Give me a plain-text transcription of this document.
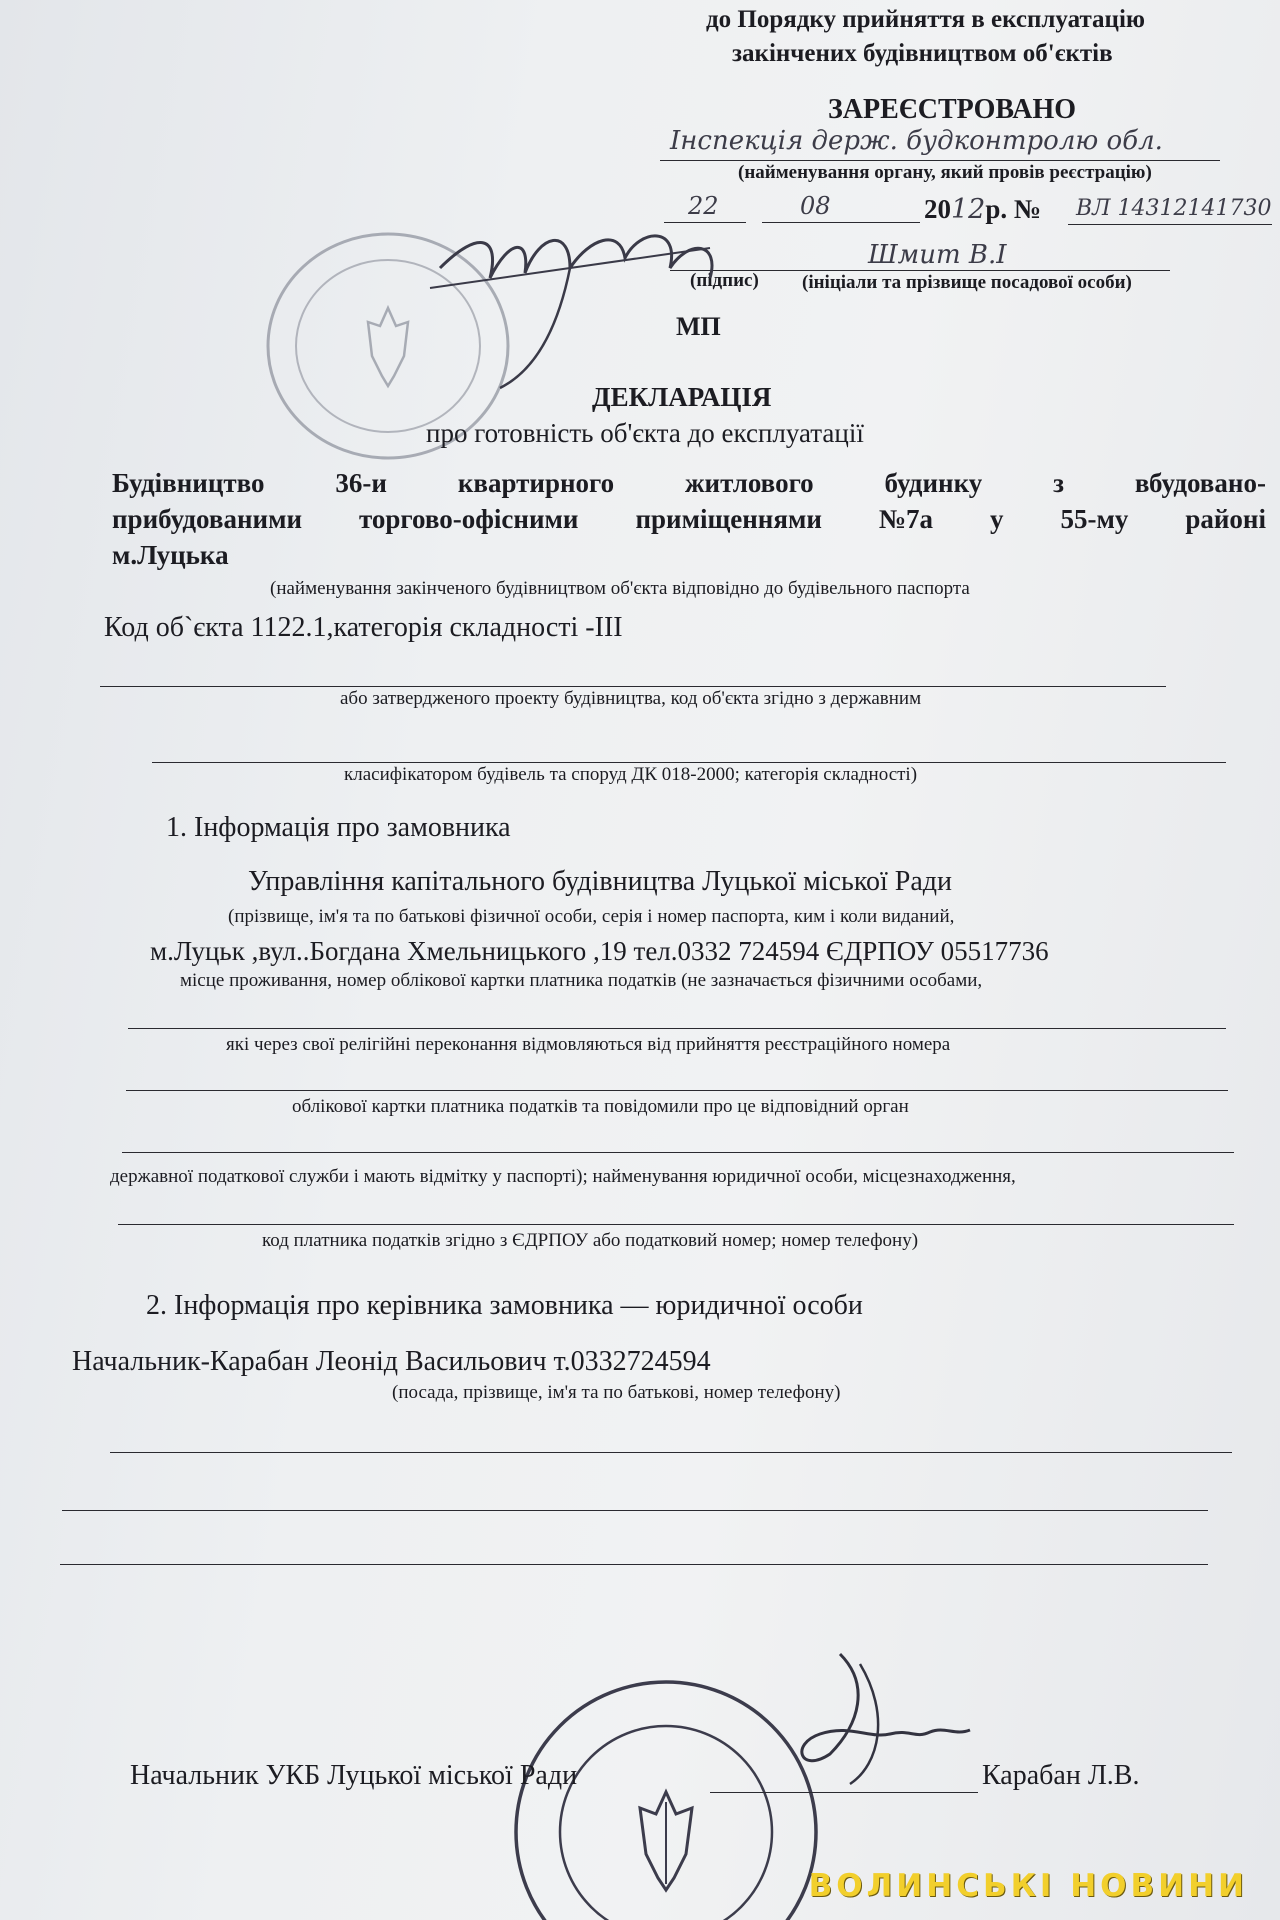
до Порядку прийняття в експлуатацію
закінчених будівництвом об'єктів
ЗАРЕЄСТРОВАНО
Інспекція держ. будконтролю обл.
(найменування органу, який провів реєстрацію)
22	08	2012р. № ВЛ 14312141730
Шмит В.І
(підпис) (ініціали та прізвище посадової особи)
МП
ДЕКЛАРАЦІЯ
про готовність об'єкта до експлуатації
Будівництво	36-и	квартирного	житлового	будинку	з	вбудовано-
прибудованими торгово-офісними приміщеннями №7а у 55-му районі
м.Луцька
(найменування закінченого будівництвом об'єкта відповідно до будівельного паспорта
Код об`єкта 1122.1,категорія складності -ІІІ
або затвердженого проекту будівництва, код об'єкта згідно з державним
класифікатором будівель та споруд ДК 018-2000; категорія складності)
1. Інформація про замовника
Управління капітального будівництва Луцької міської Ради
(прізвище, ім'я та по батькові фізичної особи, серія і номер паспорта, ким і коли виданий,
м.Луцьк ,вул..Богдана Хмельницького ,19 тел.0332 724594 ЄДРПОУ 05517736
місце проживання, номер облікової картки платника податків (не зазначається фізичними особами,
які через свої релігійні переконання відмовляються від прийняття реєстраційного номера
облікової картки платника податків та повідомили про це відповідний орган
державної податкової служби і мають відмітку у паспорті); найменування юридичної особи, місцезнаходження,
код платника податків згідно з ЄДРПОУ або податковий номер; номер телефону)
2. Інформація про керівника замовника — юридичної особи
Начальник-Карабан Леонід Васильович т.0332724594
(посада, прізвище, ім'я та по батькові, номер телефону)
Начальник УКБ Луцької міської Ради	Карабан Л.В.
ВОЛИНСЬКІ НОВИНИ
